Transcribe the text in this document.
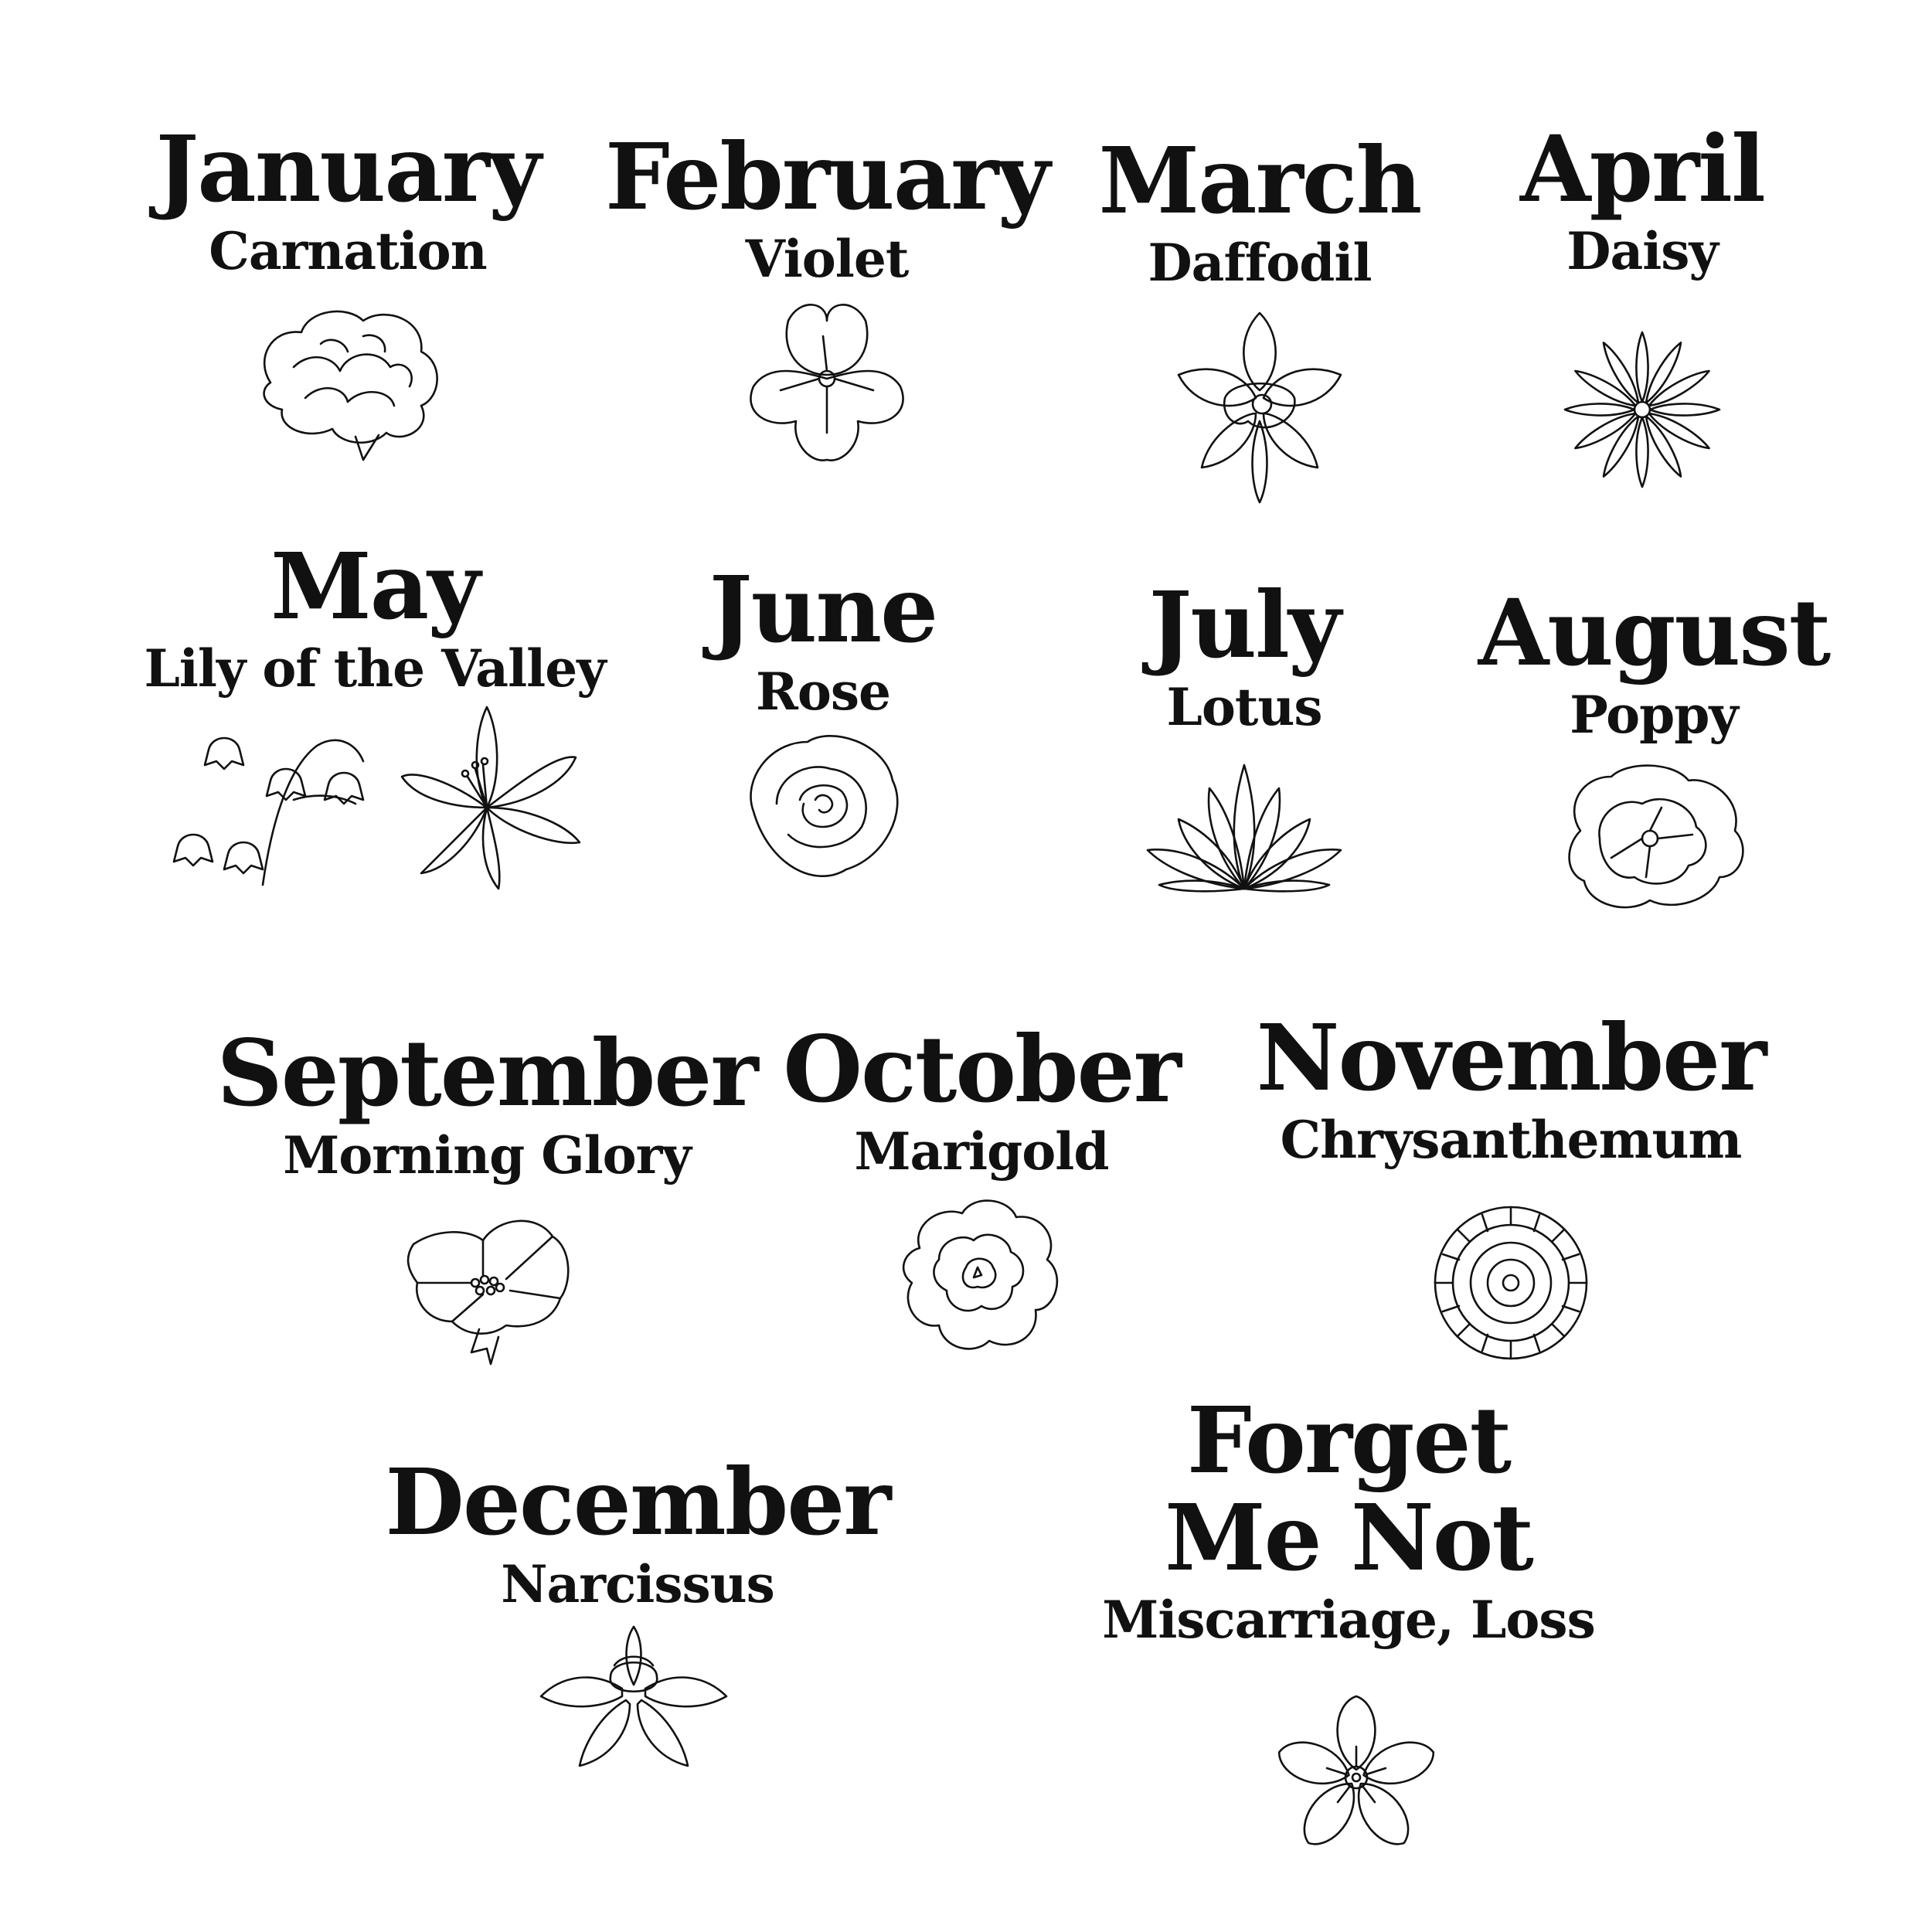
January
Carnation
February
Violet
March
Daffodil
April
Daisy
May
Lily of the Valley
June
Rose
July
Lotus
August
Poppy
September
Morning Glory
October
Marigold
November
Chrysanthemum
December
Narcissus
Forget
Me Not
Miscarriage, Loss
